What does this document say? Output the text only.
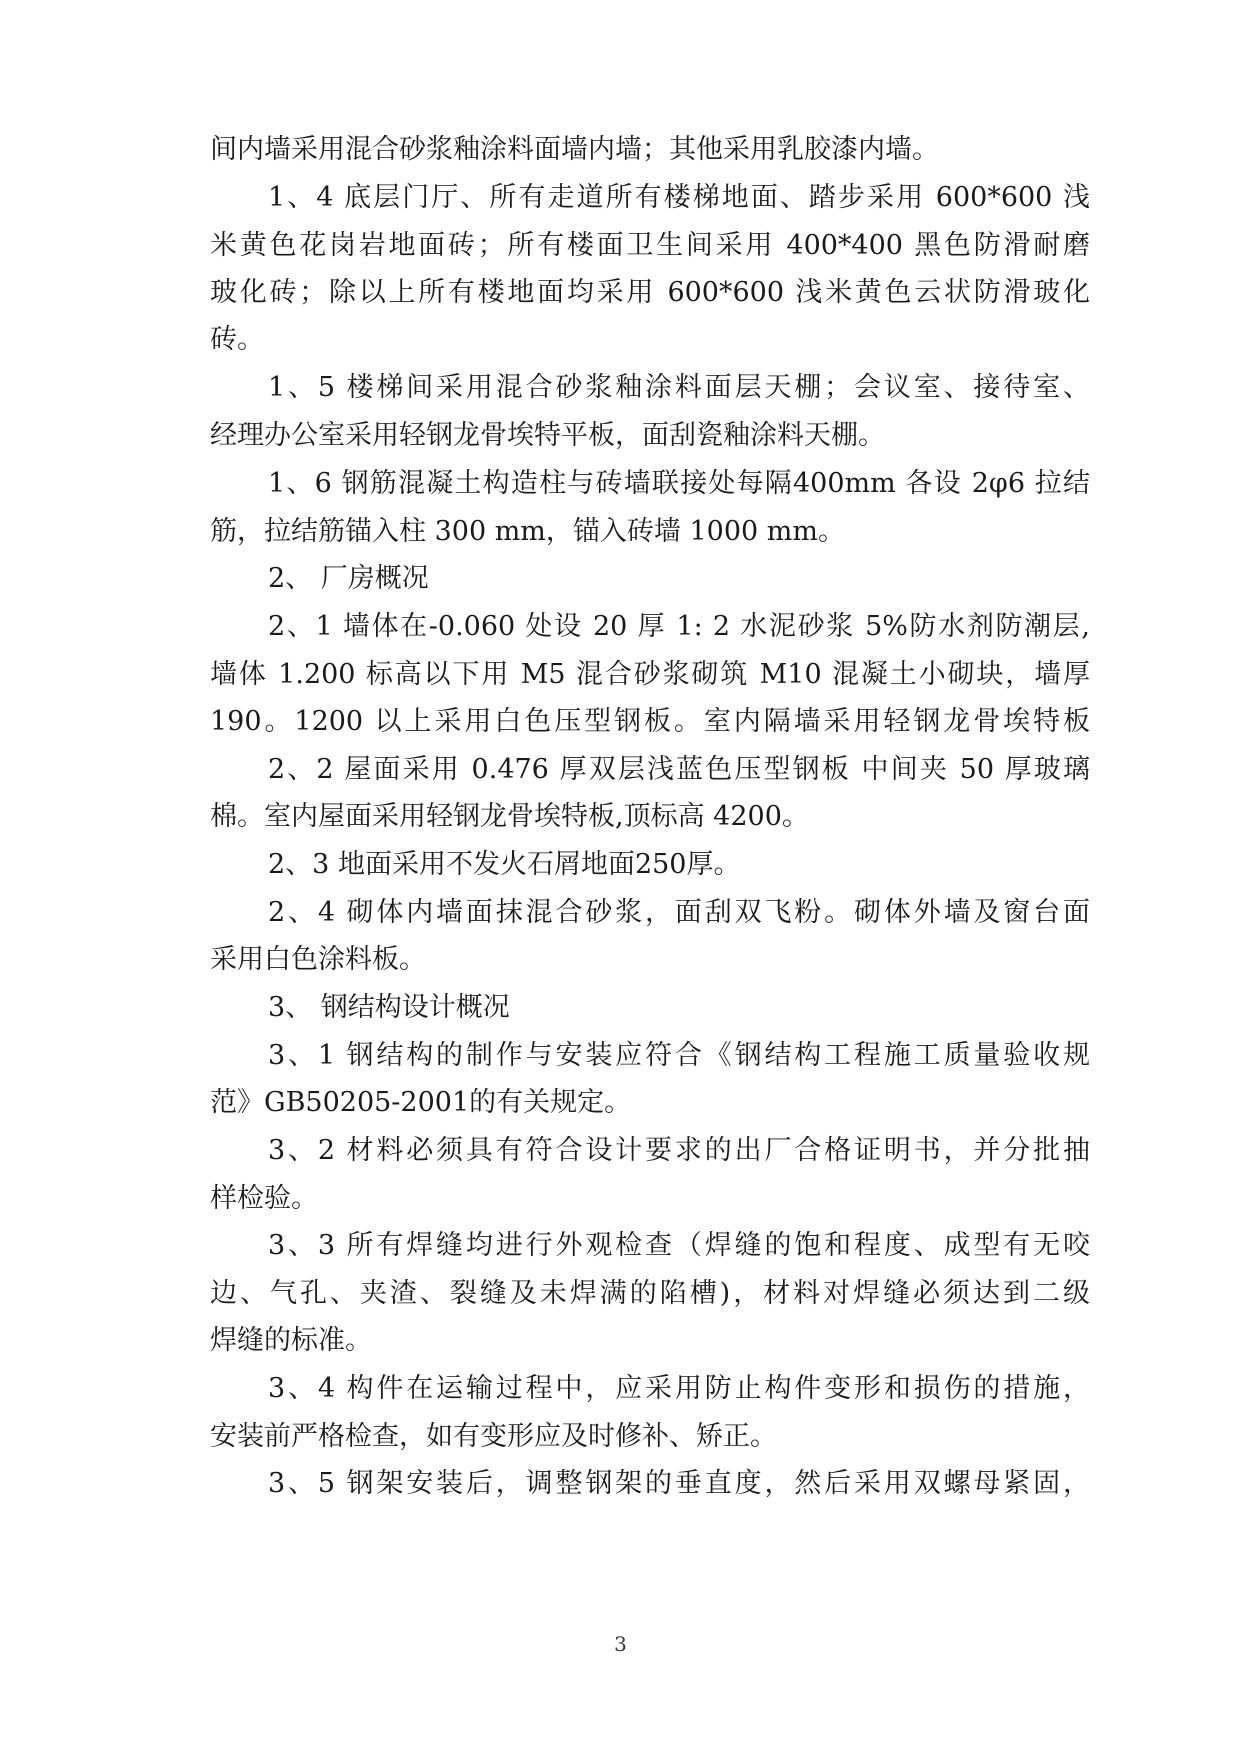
间内墙采用混合砂浆釉涂料面墙内墙；其他采用乳胶漆内墙。
1、4 底层门厅、所有走道所有楼梯地面、踏步采用 600*600 浅
米黄色花岗岩地面砖；所有楼面卫生间采用 400*400 黑色防滑耐磨
玻化砖；除以上所有楼地面均采用 600*600 浅米黄色云状防滑玻化
砖。
1、5 楼梯间采用混合砂浆釉涂料面层天棚；会议室、接待室、
经理办公室采用轻钢龙骨埃特平板，面刮瓷釉涂料天棚。
1、6 钢筋混凝土构造柱与砖墙联接处每隔400mm 各设 2φ6 拉结
筋，拉结筋锚入柱 300 mm，锚入砖墙 1000 mm。
2、 厂房概况
2、1 墙体在-0.060 处设 20 厚 1: 2 水泥砂浆 5%防水剂防潮层,
墙体 1.200 标高以下用 M5 混合砂浆砌筑 M10 混凝土小砌块，墙厚
190。1200 以上采用白色压型钢板。室内隔墙采用轻钢龙骨埃特板
2、2 屋面采用 0.476 厚双层浅蓝色压型钢板 中间夹 50 厚玻璃
棉。室内屋面采用轻钢龙骨埃特板,顶标高 4200。
2、3 地面采用不发火石屑地面250厚。
2、4 砌体内墙面抹混合砂浆，面刮双飞粉。砌体外墙及窗台面
采用白色涂料板。
3、 钢结构设计概况
3、1 钢结构的制作与安装应符合《钢结构工程施工质量验收规
范》GB50205-2001的有关规定。
3、2 材料必须具有符合设计要求的出厂合格证明书，并分批抽
样检验。
3、3 所有焊缝均进行外观检查（焊缝的饱和程度、成型有无咬
边、气孔、夹渣、裂缝及未焊满的陷槽)，材料对焊缝必须达到二级
焊缝的标准。
3、4 构件在运输过程中，应采用防止构件变形和损伤的措施，
安装前严格检查，如有变形应及时修补、矫正。
3、5 钢架安装后，调整钢架的垂直度，然后采用双螺母紧固，
3
